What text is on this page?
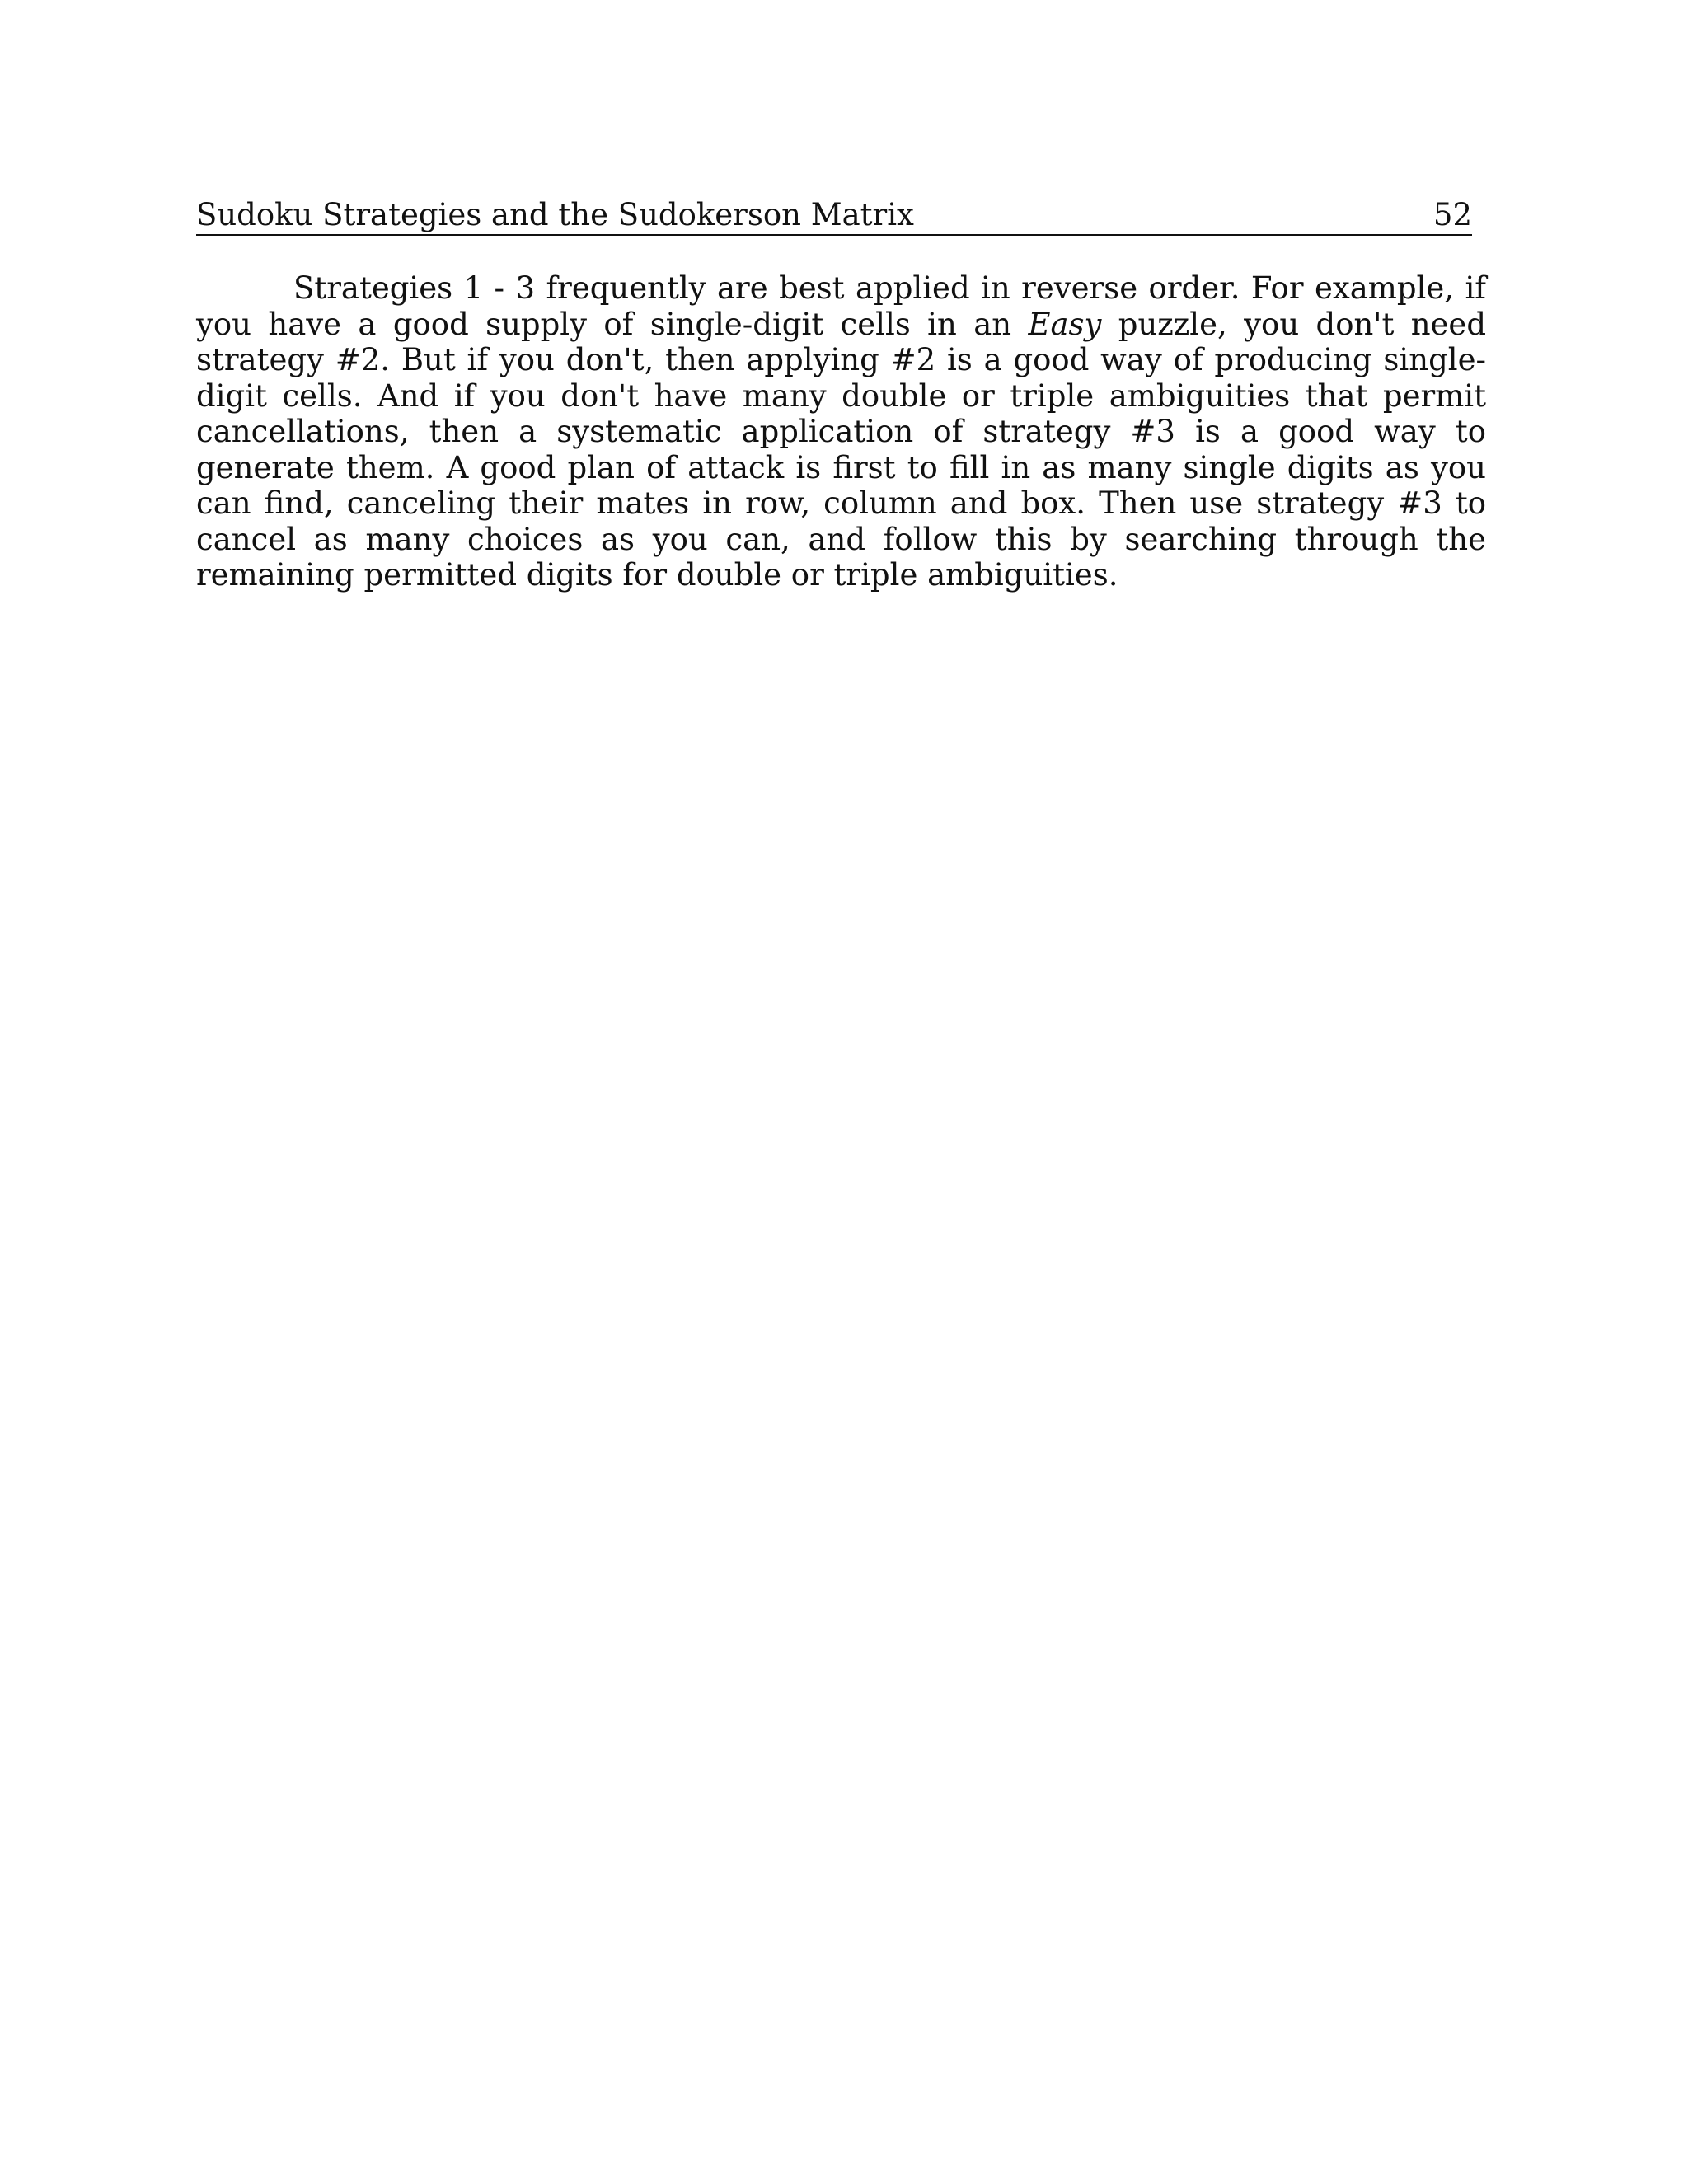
Sudoku Strategies and the Sudokerson Matrix	52

Strategies 1 - 3 frequently are best applied in reverse order. For example, if you have a good supply of single-digit cells in an Easy puzzle, you don't need strategy #2. But if you don't, then applying #2 is a good way of producing single-digit cells. And if you don't have many double or triple ambiguities that permit cancellations, then a systematic application of strategy #3 is a good way to generate them. A good plan of attack is first to fill in as many single digits as you can find, canceling their mates in row, column and box. Then use strategy #3 to cancel as many choices as you can, and follow this by searching through the remaining permitted digits for double or triple ambiguities.
